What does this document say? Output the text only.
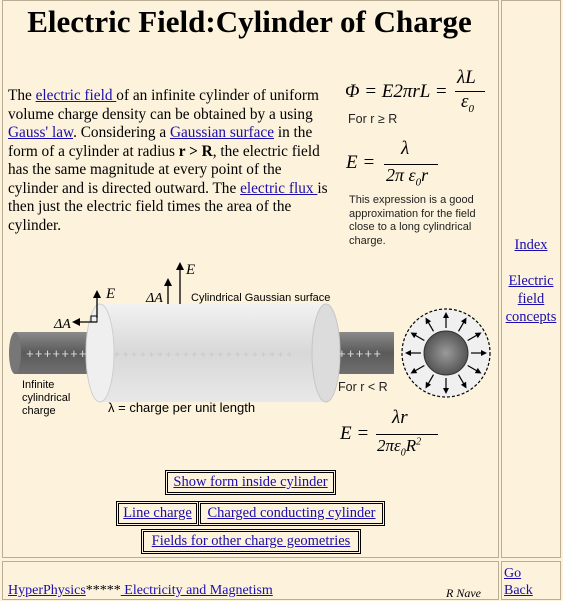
Electric Field:Cylinder of Charge

The electric field of an infinite cylinder of uniform volume charge density can be obtained by a using Gauss' law. Considering a Gaussian surface in the form of a cylinder at radius r > R, the electric field has the same magnitude at every point of the cylinder and is directed outward. The electric flux is then just the electric field times the area of the cylinder.

Φ = E2πrL =
λL
$\varepsilon_0$
For r ≥ R
E =
λ
2π $\varepsilon_0r$
This expression is a good approximation for the field close to a long cylindrical charge.
+++++++	+ + + + + + + + + + + + + + + + + + + + +	+++++
E
ΔA	Cylindrical Gaussian surface
E
ΔA
Infinite
cylindrical
charge	λ = charge per unit length
For r < R
E =
λr
$2\pi\varepsilon_0R^2$
Show form inside cylinder
Line charge	Charged conducting cylinder
Fields for other charge geometries
Index
Electric
field
concepts
HyperPhysics***** Electricity and Magnetism	R Nave
Go
Back
